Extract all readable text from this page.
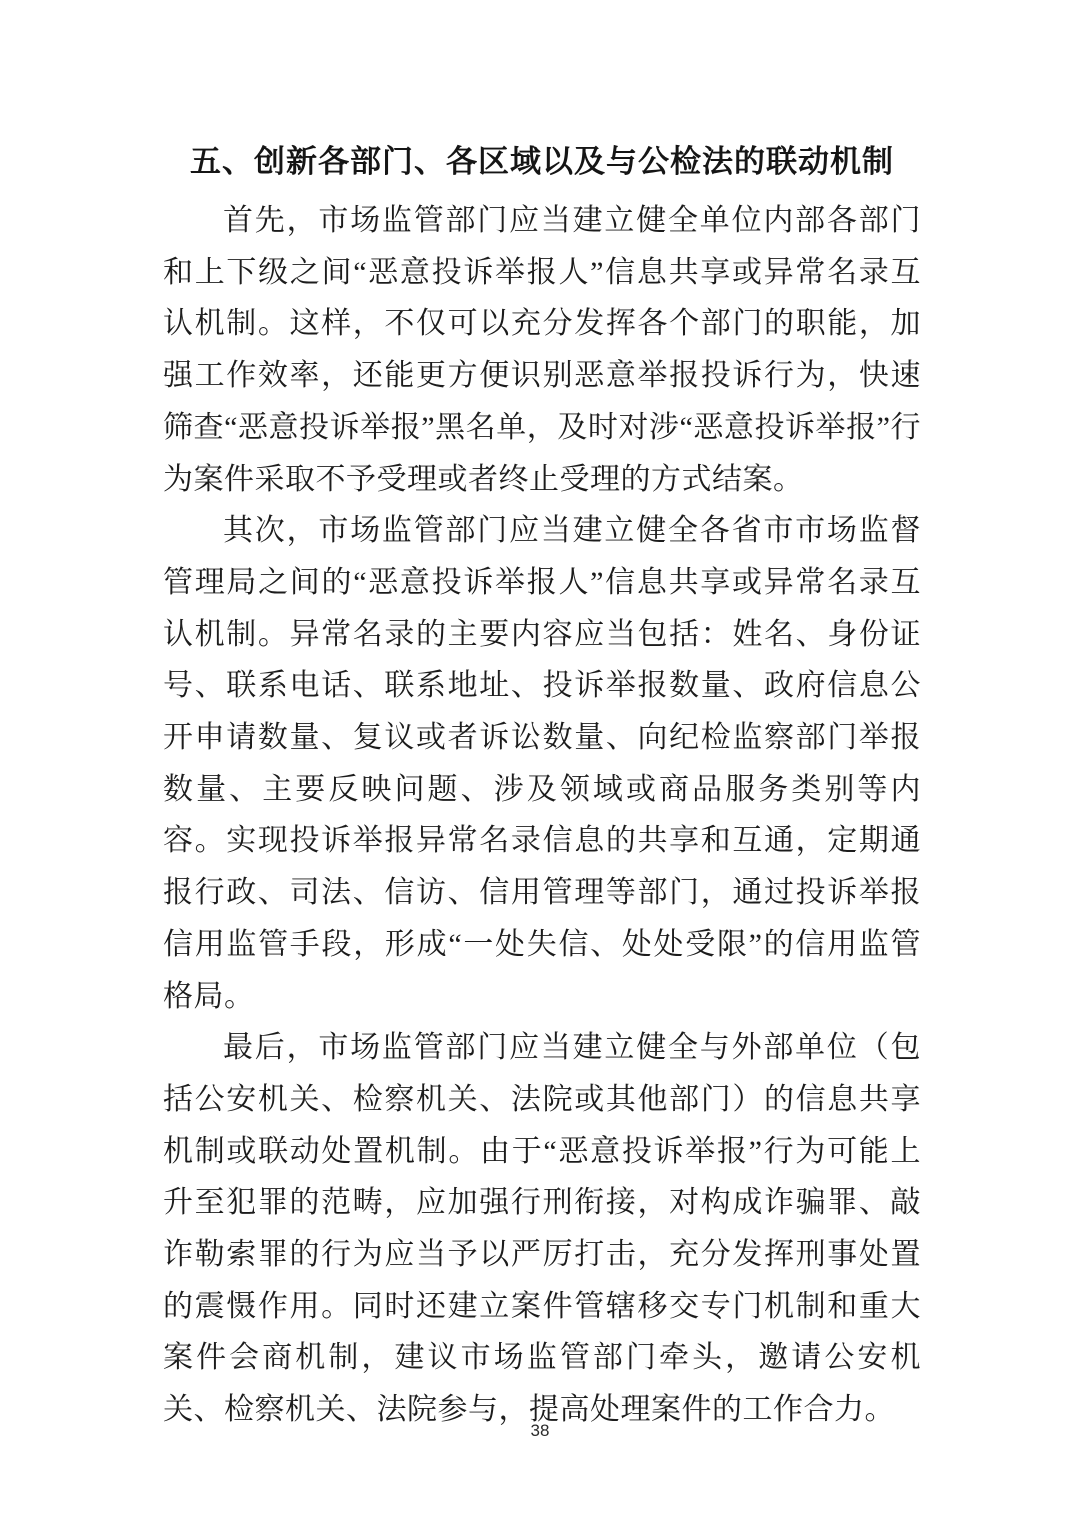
五、创新各部门、各区域以及与公检法的联动机制

首先，市场监管部门应当建立健全单位内部各部门和上下级之间“恶意投诉举报人”信息共享或异常名录互认机制。这样，不仅可以充分发挥各个部门的职能，加强工作效率，还能更方便识别恶意举报投诉行为，快速筛查“恶意投诉举报”黑名单，及时对涉“恶意投诉举报”行为案件采取不予受理或者终止受理的方式结案。

其次，市场监管部门应当建立健全各省市市场监督管理局之间的“恶意投诉举报人”信息共享或异常名录互认机制。异常名录的主要内容应当包括：姓名、身份证号、联系电话、联系地址、投诉举报数量、政府信息公开申请数量、复议或者诉讼数量、向纪检监察部门举报数量、主要反映问题、涉及领域或商品服务类别等内容。实现投诉举报异常名录信息的共享和互通，定期通报行政、司法、信访、信用管理等部门，通过投诉举报信用监管手段，形成“一处失信、处处受限”的信用监管格局。

最后，市场监管部门应当建立健全与外部单位（包括公安机关、检察机关、法院或其他部门）的信息共享机制或联动处置机制。由于“恶意投诉举报”行为可能上升至犯罪的范畴，应加强行刑衔接，对构成诈骗罪、敲诈勒索罪的行为应当予以严厉打击，充分发挥刑事处置的震慑作用。同时还建立案件管辖移交专门机制和重大案件会商机制，建议市场监管部门牵头，邀请公安机关、检察机关、法院参与，提高处理案件的工作合力。

38
